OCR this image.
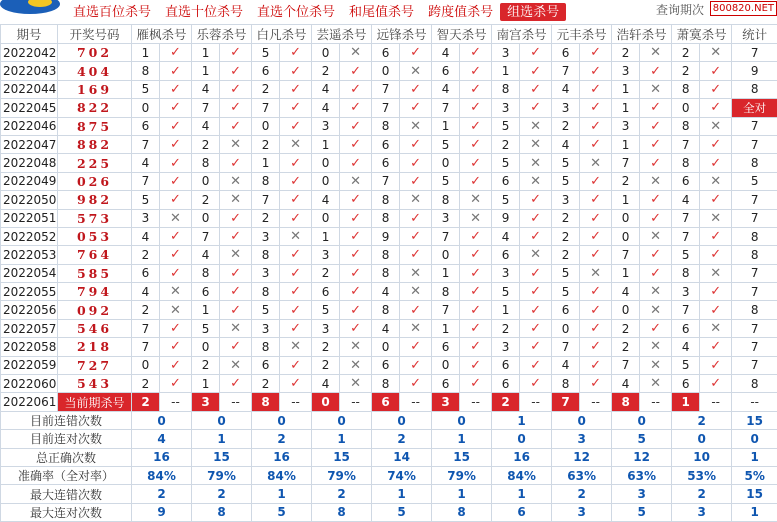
直选百位杀号	直选十位杀号	直选个位杀号	和尾值杀号	跨度值杀号	组选杀号	查询期次 800820.NET
期号	开奖号码	雁枫杀号		乐蓉杀号		白凡杀号		芸遥杀号		远锋杀号		智天杀号		南宫杀号		元丰杀号		浩轩杀号		萧寞杀号		统计
2022042	702	1	✓	1	✓	5	✓	0	✕	6	✓	4	✓	3	✓	6	✓	2	✕	2	✕	7
2022043	404	8	✓	1	✓	6	✓	2	✓	0	✕	6	✓	1	✓	7	✓	3	✓	2	✓	9
2022044	169	5	✓	4	✓	2	✓	4	✓	7	✓	4	✓	8	✓	4	✓	1	✕	8	✓	8
2022045	822	0	✓	7	✓	7	✓	4	✓	7	✓	7	✓	3	✓	3	✓	1	✓	0	✓	全对
2022046	875	6	✓	4	✓	0	✓	3	✓	8	✕	1	✓	5	✕	2	✓	3	✓	8	✕	7
2022047	882	7	✓	2	✕	2	✕	1	✓	6	✓	5	✓	2	✕	4	✓	1	✓	7	✓	7
2022048	225	4	✓	8	✓	1	✓	0	✓	6	✓	0	✓	5	✕	5	✕	7	✓	8	✓	8
2022049	026	7	✓	0	✕	8	✓	0	✕	7	✓	5	✓	6	✕	5	✓	2	✕	6	✕	5
2022050	982	5	✓	2	✕	7	✓	4	✓	8	✕	8	✕	5	✓	3	✓	1	✓	4	✓	7
2022051	573	3	✕	0	✓	2	✓	0	✓	8	✓	3	✕	9	✓	2	✓	0	✓	7	✕	7
2022052	053	4	✓	7	✓	3	✕	1	✓	9	✓	7	✓	4	✓	2	✓	0	✕	7	✓	8
2022053	764	2	✓	4	✕	8	✓	3	✓	8	✓	0	✓	6	✕	2	✓	7	✓	5	✓	8
2022054	585	6	✓	8	✓	3	✓	2	✓	8	✕	1	✓	3	✓	5	✕	1	✓	8	✕	7
2022055	794	4	✕	6	✓	8	✓	6	✓	4	✕	8	✓	5	✓	5	✓	4	✕	3	✓	7
2022056	092	2	✕	1	✓	5	✓	5	✓	8	✓	7	✓	1	✓	6	✓	0	✕	7	✓	8
2022057	546	7	✓	5	✕	3	✓	3	✓	4	✕	1	✓	2	✓	0	✓	2	✓	6	✕	7
2022058	218	7	✓	0	✓	8	✕	2	✕	0	✓	6	✓	3	✓	7	✓	2	✕	4	✓	7
2022059	727	0	✓	2	✕	6	✓	2	✕	6	✓	0	✓	6	✓	4	✓	7	✕	5	✓	7
2022060	543	2	✓	1	✓	2	✓	4	✕	8	✓	6	✓	6	✓	8	✓	4	✕	6	✓	8
2022061	当前期杀号	2	--	3	--	8	--	0	--	6	--	3	--	2	--	7	--	8	--	1	--	--
目前连错次数		0		0		0		0		0		0		1		0		0		2		15
目前连对次数		4		1		2		1		2		1		0		3		5		0		0
总正确次数		16		15		16		15		14		15		16		12		12		10		1
准确率（全对率）		84%		79%		84%		79%		74%		79%		84%		63%		63%		53%		5%
最大连错次数		2		2		1		2		1		1		1		2		3		2		15
最大连对次数		9		8		5		8		5		8		6		3		5		3		1
